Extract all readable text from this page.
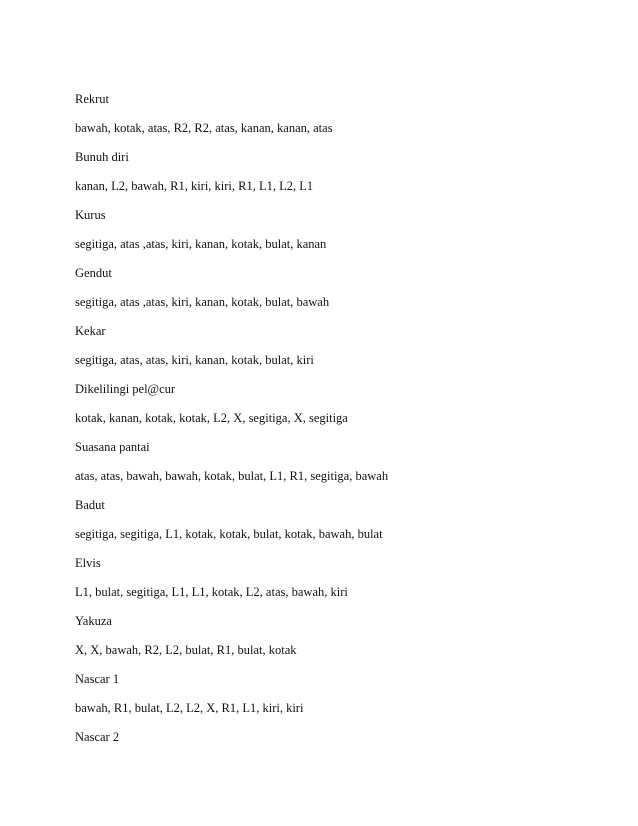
Rekrut
bawah, kotak, atas, R2, R2, atas, kanan, kanan, atas
Bunuh diri
kanan, L2, bawah, R1, kiri, kiri, R1, L1, L2, L1
Kurus
segitiga, atas ,atas, kiri, kanan, kotak, bulat, kanan
Gendut
segitiga, atas ,atas, kiri, kanan, kotak, bulat, bawah
Kekar
segitiga, atas, atas, kiri, kanan, kotak, bulat, kiri
Dikelilingi pel@cur
kotak, kanan, kotak, kotak, L2, X, segitiga, X, segitiga
Suasana pantai
atas, atas, bawah, bawah, kotak, bulat, L1, R1, segitiga, bawah
Badut
segitiga, segitiga, L1, kotak, kotak, bulat, kotak, bawah, bulat
Elvis
L1, bulat, segitiga, L1, L1, kotak, L2, atas, bawah, kiri
Yakuza
X, X, bawah, R2, L2, bulat, R1, bulat, kotak
Nascar 1
bawah, R1, bulat, L2, L2, X, R1, L1, kiri, kiri
Nascar 2
